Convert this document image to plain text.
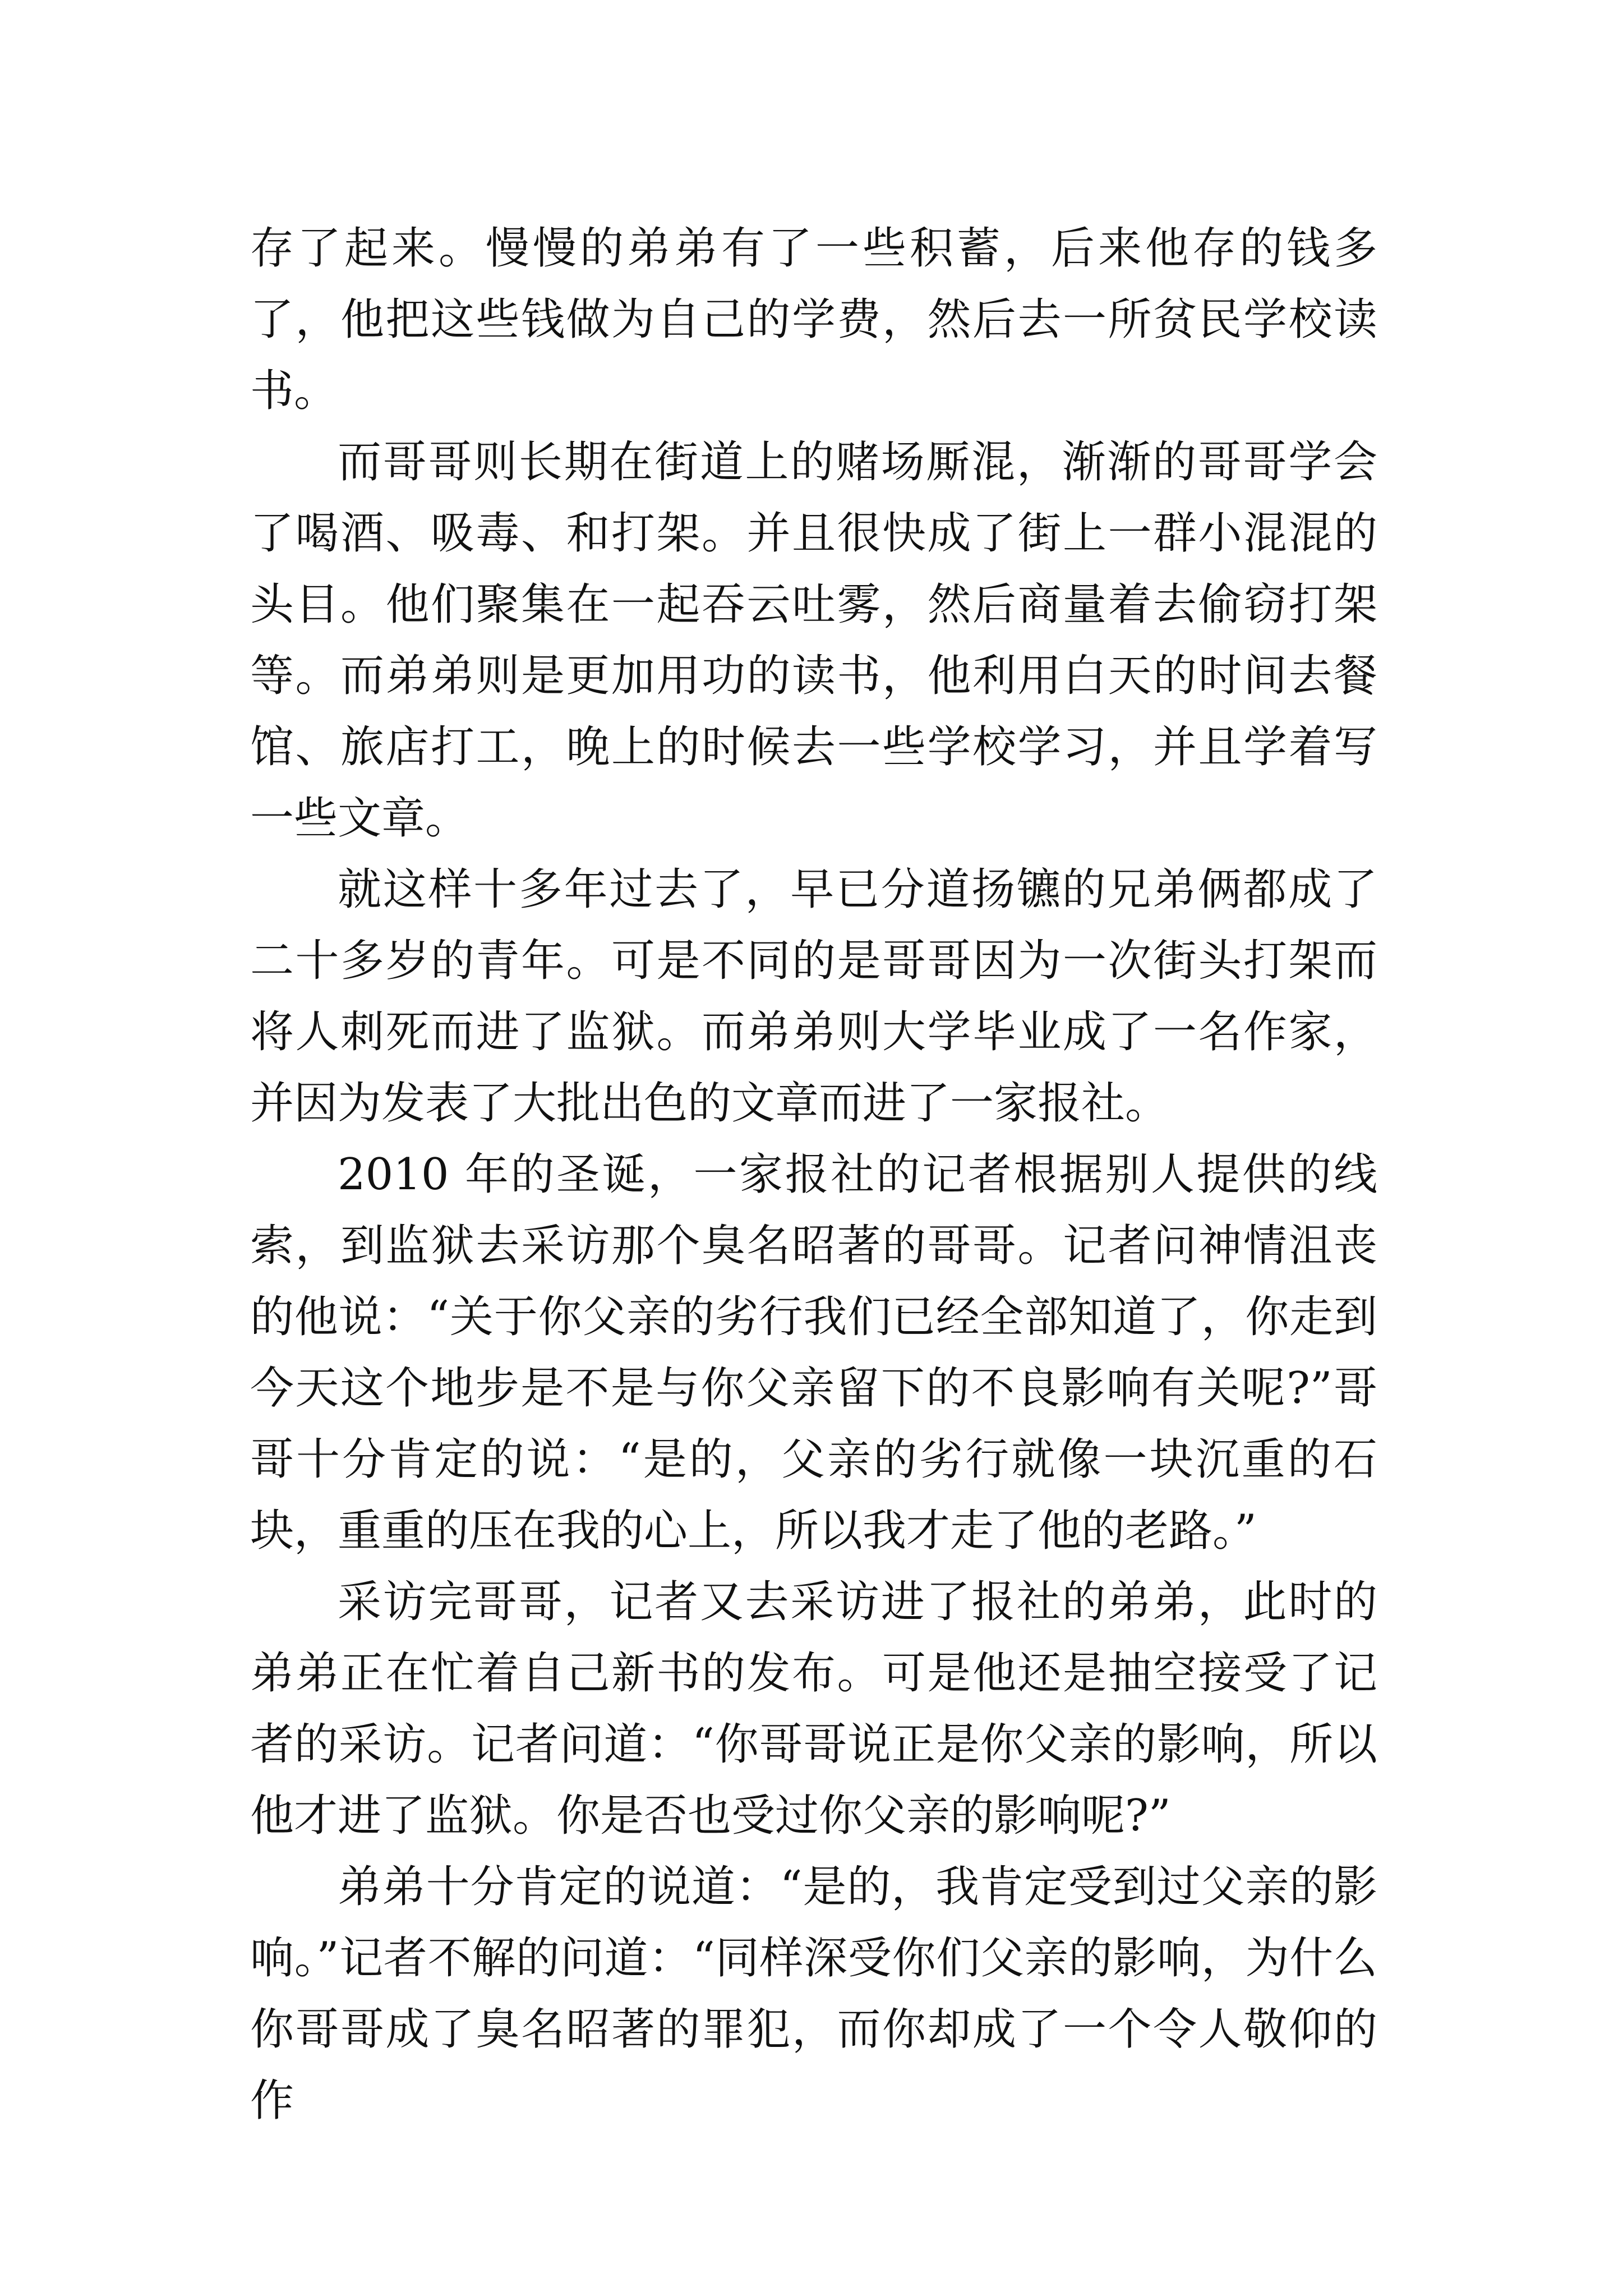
存了起来。慢慢的弟弟有了一些积蓄，后来他存的钱多了，他把这些钱做为自己的学费，然后去一所贫民学校读书。

而哥哥则长期在街道上的赌场厮混，渐渐的哥哥学会了喝酒、吸毒、和打架。并且很快成了街上一群小混混的头目。他们聚集在一起吞云吐雾，然后商量着去偷窃打架等。而弟弟则是更加用功的读书，他利用白天的时间去餐馆、旅店打工，晚上的时候去一些学校学习，并且学着写一些文章。

就这样十多年过去了，早已分道扬镳的兄弟俩都成了二十多岁的青年。可是不同的是哥哥因为一次街头打架而将人刺死而进了监狱。而弟弟则大学毕业成了一名作家，并因为发表了大批出色的文章而进了一家报社。

2010 年的圣诞，一家报社的记者根据别人提供的线索，到监狱去采访那个臭名昭著的哥哥。记者问神情沮丧的他说：“关于你父亲的劣行我们已经全部知道了，你走到今天这个地步是不是与你父亲留下的不良影响有关呢?”哥哥十分肯定的说：“是的，父亲的劣行就像一块沉重的石块，重重的压在我的心上，所以我才走了他的老路。”

采访完哥哥，记者又去采访进了报社的弟弟，此时的弟弟正在忙着自己新书的发布。可是他还是抽空接受了记者的采访。记者问道：“你哥哥说正是你父亲的影响，所以他才进了监狱。你是否也受过你父亲的影响呢?”

弟弟十分肯定的说道：“是的，我肯定受到过父亲的影响。”记者不解的问道：“同样深受你们父亲的影响，为什么你哥哥成了臭名昭著的罪犯，而你却成了一个令人敬仰的作
